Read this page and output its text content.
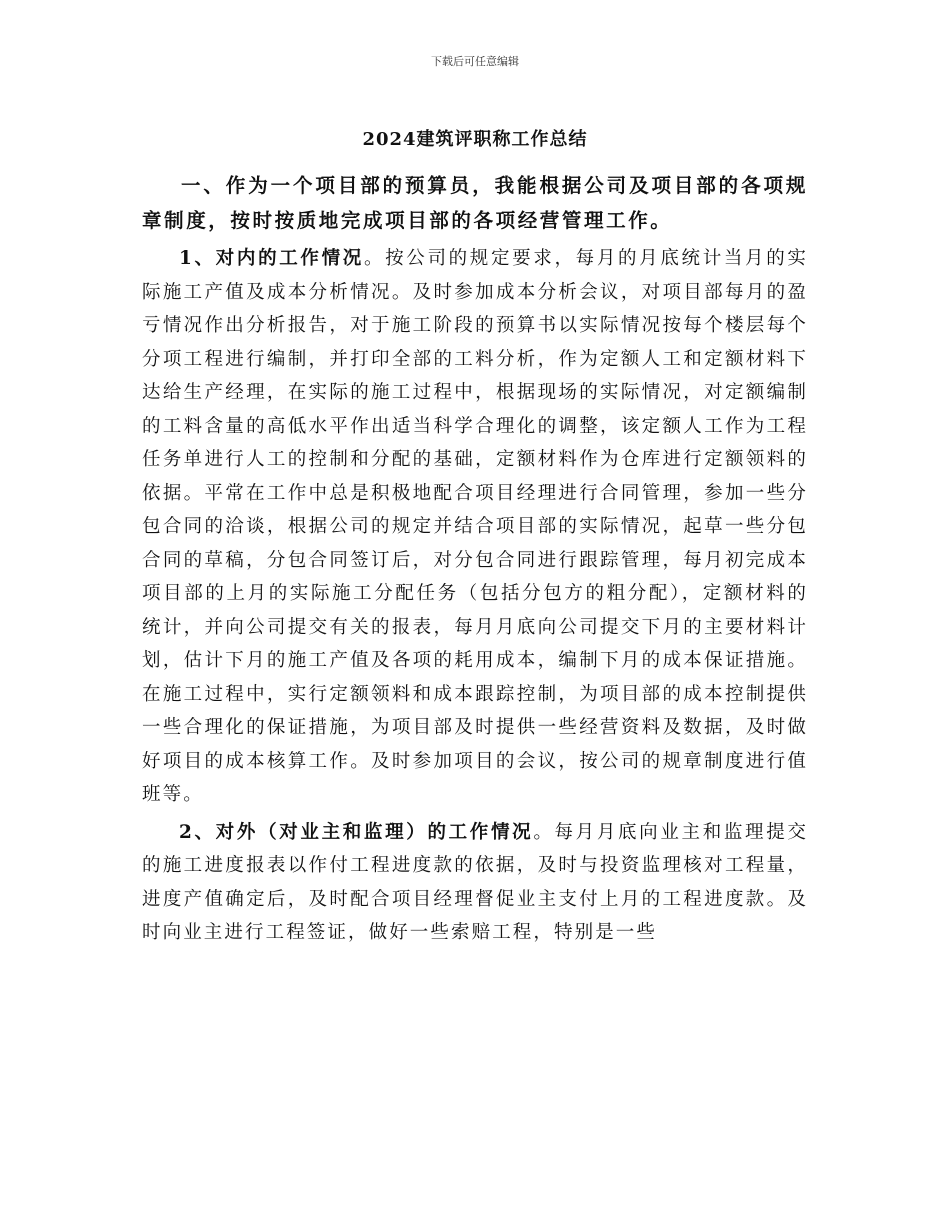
下载后可任意编辑
2024建筑评职称工作总结

一、作为一个项目部的预算员，我能根据公司及项目部的各项规章制度，按时按质地完成项目部的各项经营管理工作。

1、对内的工作情况。按公司的规定要求，每月的月底统计当月的实际施工产值及成本分析情况。及时参加成本分析会议，对项目部每月的盈亏情况作出分析报告，对于施工阶段的预算书以实际情况按每个楼层每个分项工程进行编制，并打印全部的工料分析，作为定额人工和定额材料下达给生产经理，在实际的施工过程中，根据现场的实际情况，对定额编制的工料含量的高低水平作出适当科学合理化的调整，该定额人工作为工程任务单进行人工的控制和分配的基础，定额材料作为仓库进行定额领料的依据。平常在工作中总是积极地配合项目经理进行合同管理，参加一些分包合同的洽谈，根据公司的规定并结合项目部的实际情况，起草一些分包合同的草稿，分包合同签订后，对分包合同进行跟踪管理，每月初完成本项目部的上月的实际施工分配任务（包括分包方的粗分配），定额材料的统计，并向公司提交有关的报表，每月月底向公司提交下月的主要材料计划，估计下月的施工产值及各项的耗用成本，编制下月的成本保证措施。在施工过程中，实行定额领料和成本跟踪控制，为项目部的成本控制提供一些合理化的保证措施，为项目部及时提供一些经营资料及数据，及时做好项目的成本核算工作。及时参加项目的会议，按公司的规章制度进行值班等。

2、对外（对业主和监理）的工作情况。每月月底向业主和监理提交的施工进度报表以作付工程进度款的依据，及时与投资监理核对工程量，进度产值确定后，及时配合项目经理督促业主支付上月的工程进度款。及时向业主进行工程签证，做好一些索赔工程，特别是一些
